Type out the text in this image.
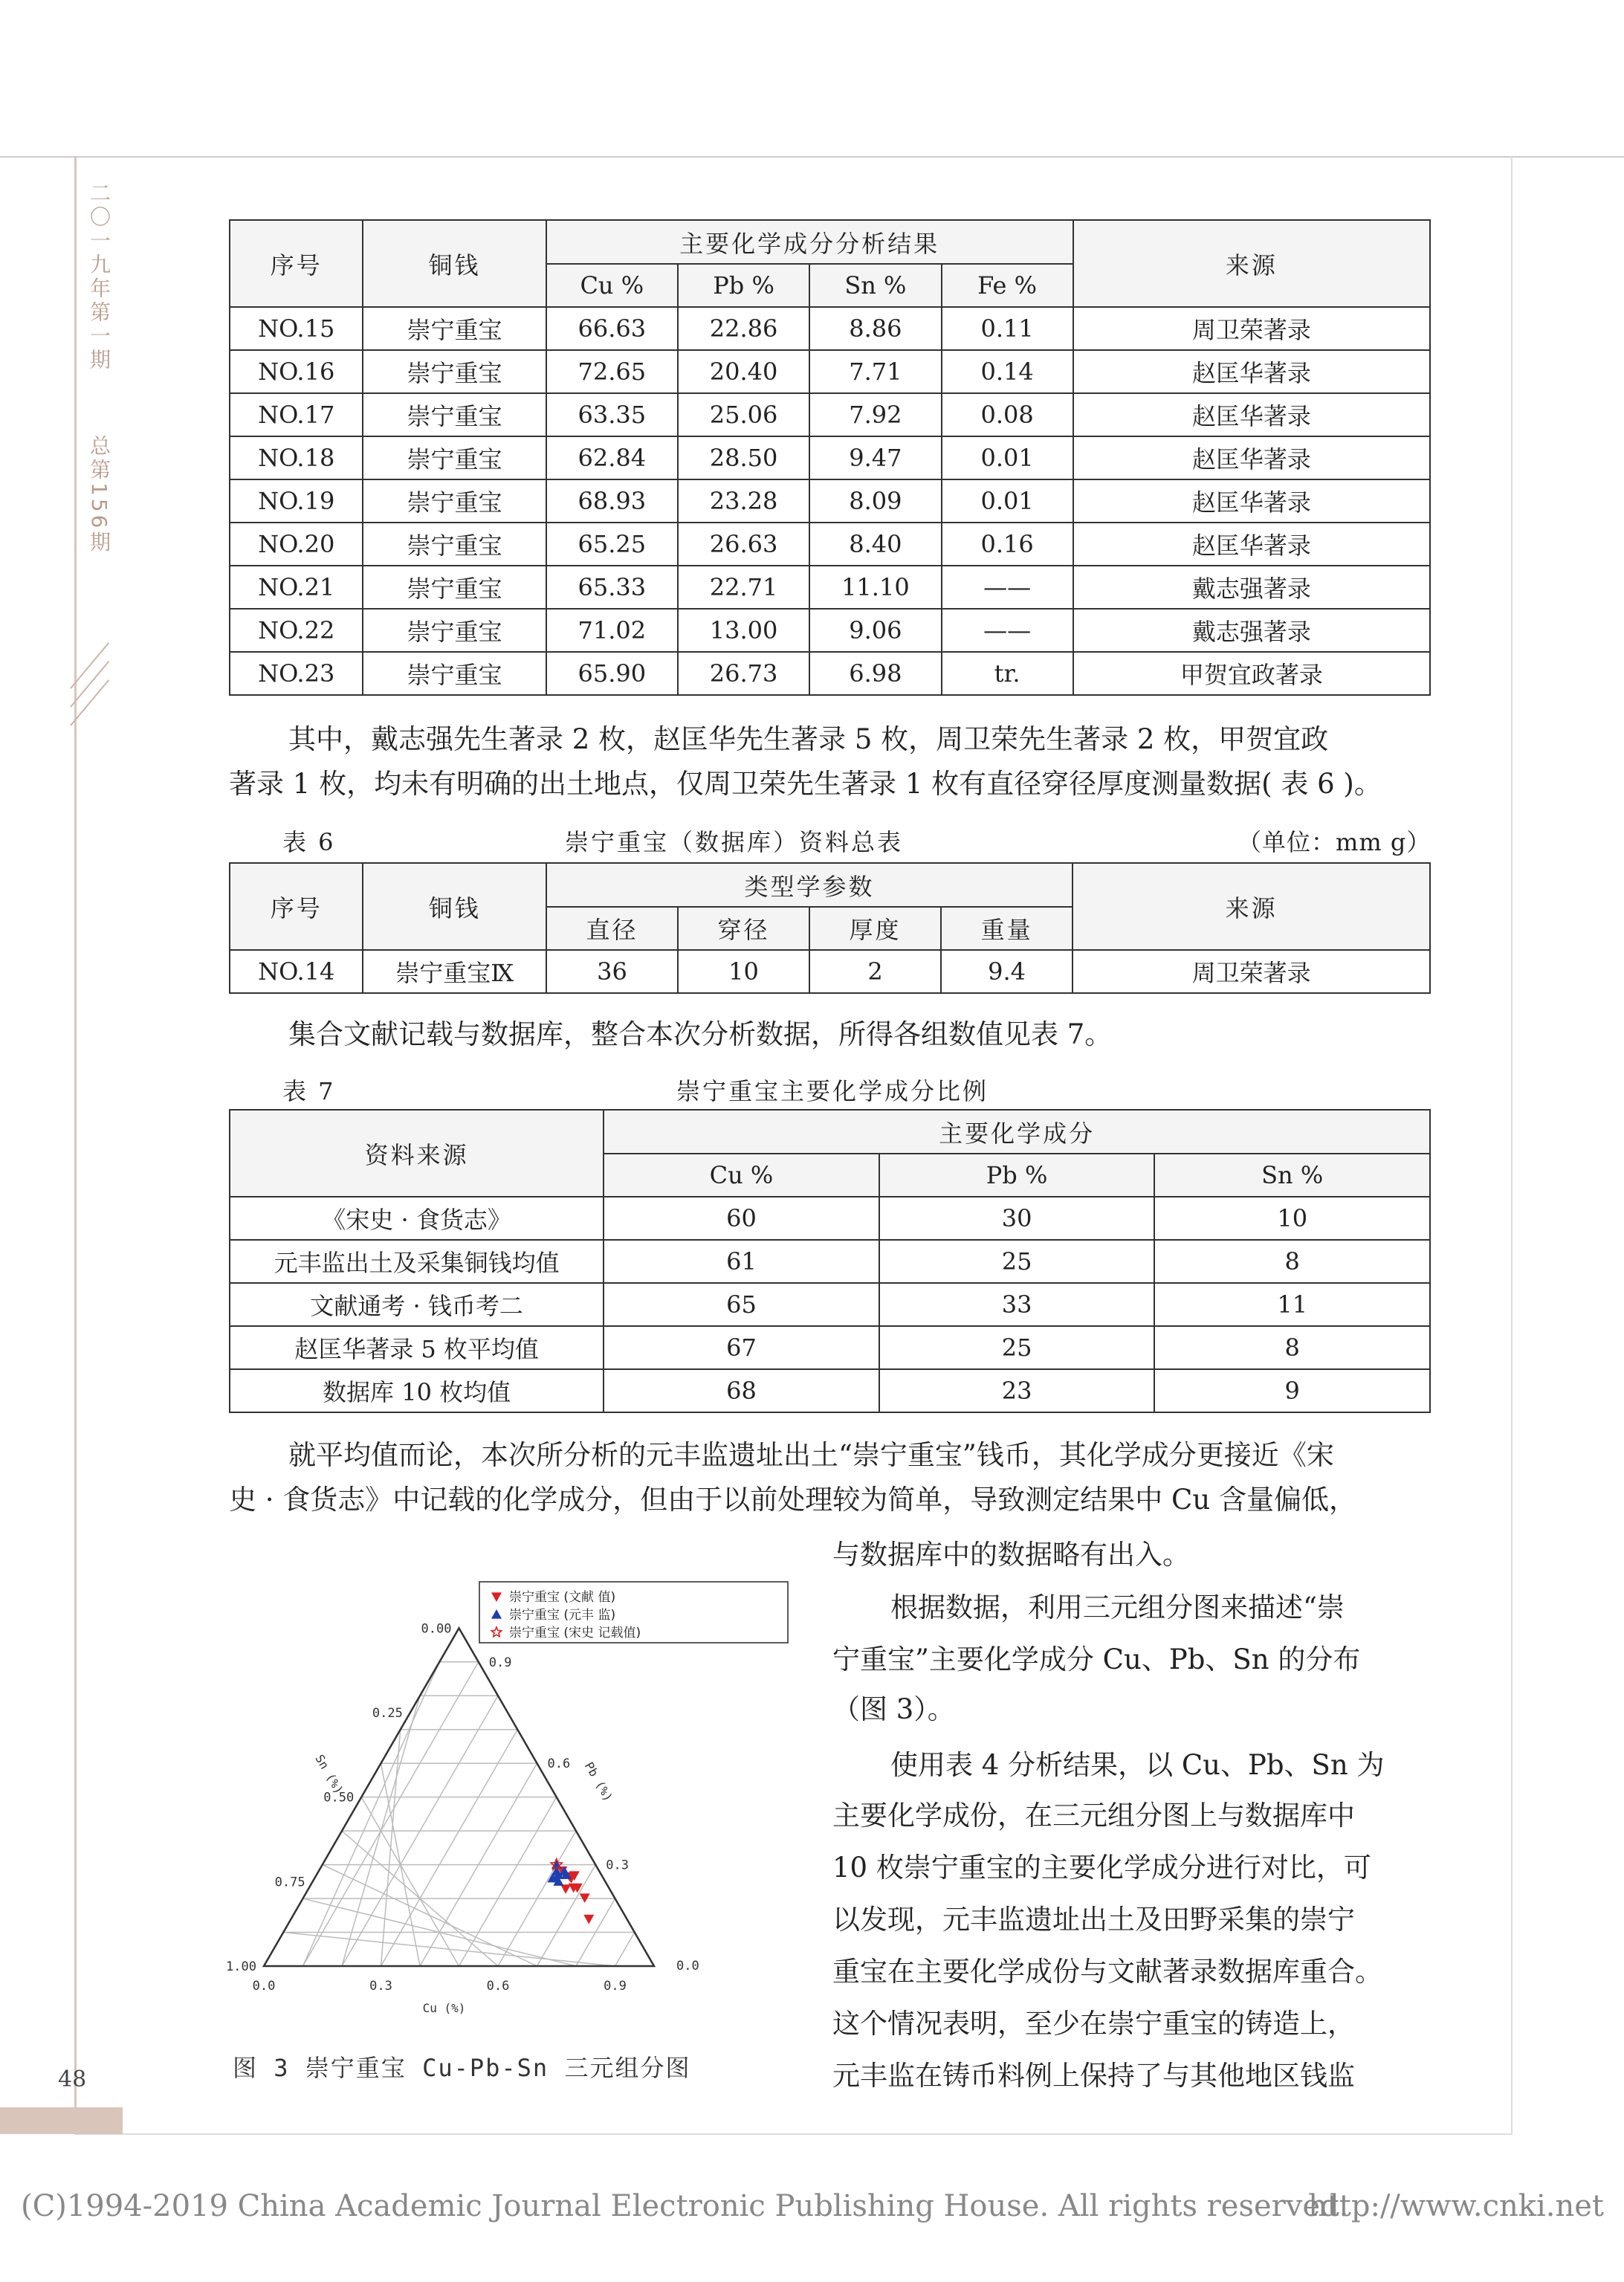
二〇一九年第一期
总第156期
序号	铜钱	主要化学成分分析结果				来源
		Cu %	Pb %	Sn %	Fe %	
NO.15	崇宁重宝	66.63	22.86	8.86	0.11	周卫荣著录
NO.16	崇宁重宝	72.65	20.40	7.71	0.14	赵匡华著录
NO.17	崇宁重宝	63.35	25.06	7.92	0.08	赵匡华著录
NO.18	崇宁重宝	62.84	28.50	9.47	0.01	赵匡华著录
NO.19	崇宁重宝	68.93	23.28	8.09	0.01	赵匡华著录
NO.20	崇宁重宝	65.25	26.63	8.40	0.16	赵匡华著录
NO.21	崇宁重宝	65.33	22.71	11.10	——	戴志强著录
NO.22	崇宁重宝	71.02	13.00	9.06	——	戴志强著录
NO.23	崇宁重宝	65.90	26.73	6.98	tr.	甲贺宜政著录
其中，戴志强先生著录 2 枚，赵匡华先生著录 5 枚，周卫荣先生著录 2 枚，甲贺宜政
著录 1 枚，均未有明确的出土地点，仅周卫荣先生著录 1 枚有直径穿径厚度测量数据( 表 6 )。
表 6	崇宁重宝（数据库）资料总表	（单位：mm g）
序号	铜钱	类型学参数				来源
		直径	穿径	厚度	重量	
NO.14	崇宁重宝Ⅸ	36	10	2	9.4	周卫荣著录
集合文献记载与数据库，整合本次分析数据，所得各组数值见表 7。
表 7	崇宁重宝主要化学成分比例
资料来源	主要化学成分		
	Cu %	Pb %	Sn %
《宋史 · 食货志》	60	30	10
元丰监出土及采集铜钱均值	61	25	8
文献通考 · 钱币考二	65	33	11
赵匡华著录 5 枚平均值	67	25	8
数据库 10 枚均值	68	23	9
就平均值而论，本次所分析的元丰监遗址出土“崇宁重宝”钱币，其化学成分更接近《宋
史 · 食货志》中记载的化学成分，但由于以前处理较为简单，导致测定结果中 Cu 含量偏低，
与数据库中的数据略有出入。
根据数据，利用三元组分图来描述“崇
宁重宝”主要化学成分 Cu、Pb、Sn 的分布
（图 3）。
使用表 4 分析结果，以 Cu、Pb、Sn 为
主要化学成份，在三元组分图上与数据库中
10 枚崇宁重宝的主要化学成分进行对比，可
以发现，元丰监遗址出土及田野采集的崇宁
重宝在主要化学成份与文献著录数据库重合。
这个情况表明，至少在崇宁重宝的铸造上，
元丰监在铸币料例上保持了与其他地区钱监
0.0	0.3	0.6	0.9
0.0
1.00
0.75
0.50
0.25
0.00
0.3
0.6
0.9
Cu (%)
Sn (%)	Pb (%)
崇宁重宝 (文献 值)
崇宁重宝 (元丰 监)
崇宁重宝 (宋史 记载值)
图 3 崇宁重宝 Cu-Pb-Sn 三元组分图
48
(C)1994-2019 China Academic Journal Electronic Publishing House. All rights reserved.
http://www.cnki.net
